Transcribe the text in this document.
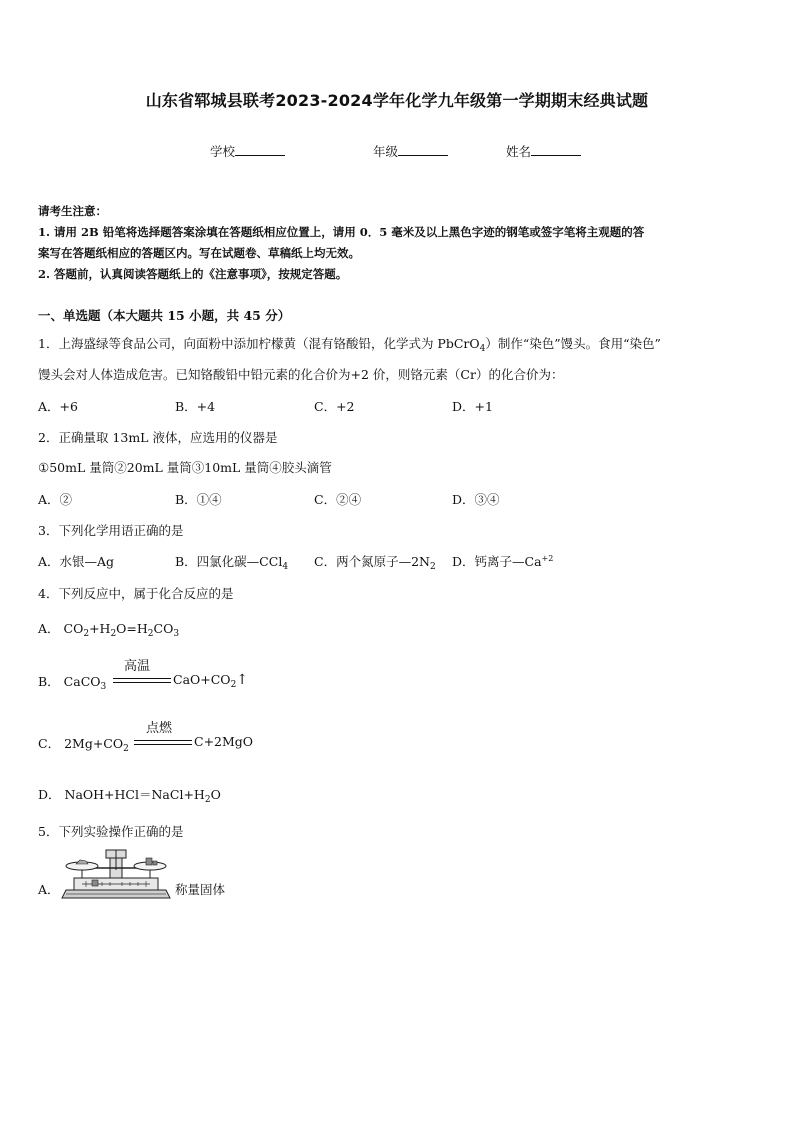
山东省郓城县联考2023-2024学年化学九年级第一学期期末经典试题
学校	年级	姓名
请考生注意：
1. 请用 2B 铅笔将选择题答案涂填在答题纸相应位置上，请用 0．5 毫米及以上黑色字迹的钢笔或签字笔将主观题的答
案写在答题纸相应的答题区内。写在试题卷、草稿纸上均无效。
2. 答题前，认真阅读答题纸上的《注意事项》，按规定答题。
一、单选题（本大题共 15 小题，共 45 分）
1．上海盛绿等食品公司，向面粉中添加柠檬黄（混有铬酸铅，化学式为 PbCrO$_4$）制作“染色”馒头。食用“染色”
馒头会对人体造成危害。已知铬酸铅中铅元素的化合价为+2 价，则铬元素（Cr）的化合价为：
A．+6	B．+4	C．+2	D．+1
2．正确量取 13mL 液体，应选用的仪器是
①50mL 量筒②20mL 量筒③10mL 量筒④胶头滴管
A．②	B．①④	C．②④	D．③④
3．下列化学用语正确的是
A．水银—Ag	B．四氯化碳—CCl$_4$ C．两个氮原子$—2N_2$ D．钙离子$—Ca^{+2}$
4．下列反应中，属于化合反应的是
A． $CO_2+H_2O=H_2CO_3$
B． CaCO$_3$
高温
$CaO+CO_2↑$
C． $2Mg+CO_2$
点燃
C+2MgO
D． $NaOH+HCl=NaCl+H_2O$
5．下列实验操作正确的是
A．	称量固体
